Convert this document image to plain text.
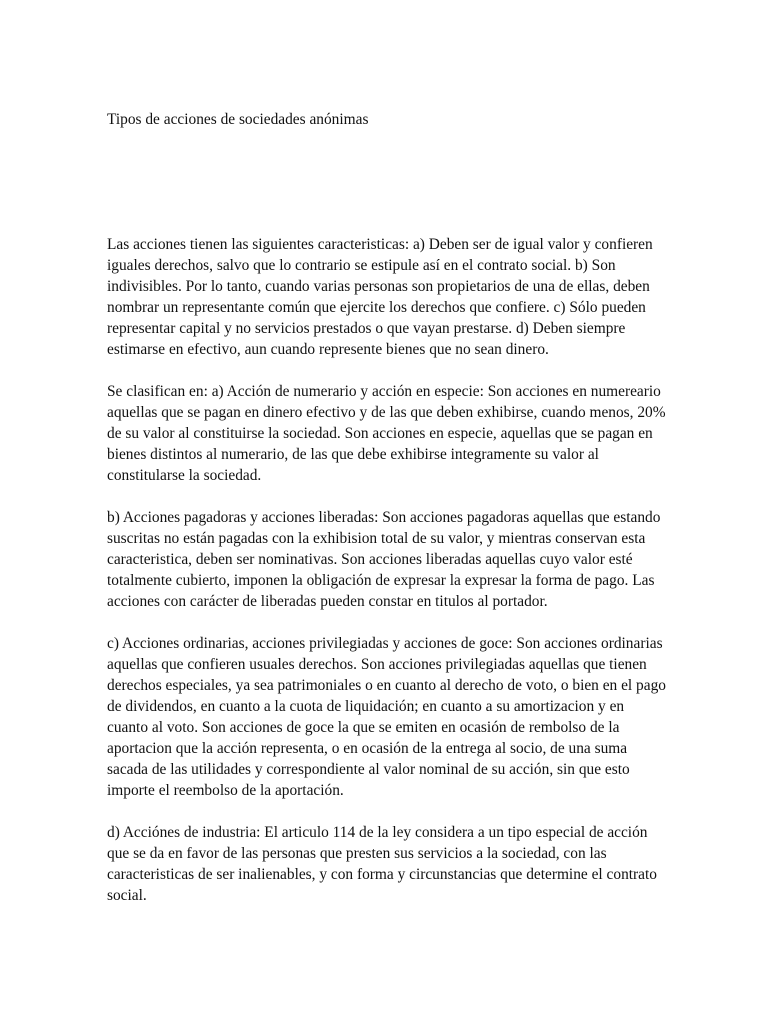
Tipos de acciones de sociedades anónimas

Las acciones tienen las siguientes caracteristicas: a) Deben ser de igual valor y confieren iguales derechos, salvo que lo contrario se estipule así en el contrato social. b) Son indivisibles. Por lo tanto, cuando varias personas son propietarios de una de ellas, deben nombrar un representante común que ejercite los derechos que confiere. c) Sólo pueden representar capital y no servicios prestados o que vayan prestarse. d) Deben siempre estimarse en efectivo, aun cuando represente bienes que no sean dinero.

Se clasifican en: a) Acción de numerario y acción en especie: Son acciones en numereario aquellas que se pagan en dinero efectivo y de las que deben exhibirse, cuando menos, 20% de su valor al constituirse la sociedad. Son acciones en especie, aquellas que se pagan en bienes distintos al numerario, de las que debe exhibirse integramente su valor al constitularse la sociedad.

b) Acciones pagadoras y acciones liberadas: Son acciones pagadoras aquellas que estando suscritas no están pagadas con la exhibision total de su valor, y mientras conservan esta caracteristica, deben ser nominativas. Son acciones liberadas aquellas cuyo valor esté totalmente cubierto, imponen la obligación de expresar la expresar la forma de pago. Las acciones con carácter de liberadas pueden constar en titulos al portador.

c) Acciones ordinarias, acciones privilegiadas y acciones de goce: Son acciones ordinarias aquellas que confieren usuales derechos. Son acciones privilegiadas aquellas que tienen derechos especiales, ya sea patrimoniales o en cuanto al derecho de voto, o bien en el pago de dividendos, en cuanto a la cuota de liquidación; en cuanto a su amortizacion y en cuanto al voto. Son acciones de goce la que se emiten en ocasión de rembolso de la aportacion que la acción representa, o en ocasión de la entrega al socio, de una suma sacada de las utilidades y correspondiente al valor nominal de su acción, sin que esto importe el reembolso de la aportación.

d) Acciónes de industria: El articulo 114 de la ley considera a un tipo especial de acción que se da en favor de las personas que presten sus servicios a la sociedad, con las caracteristicas de ser inalienables, y con forma y circunstancias que determine el contrato social.
